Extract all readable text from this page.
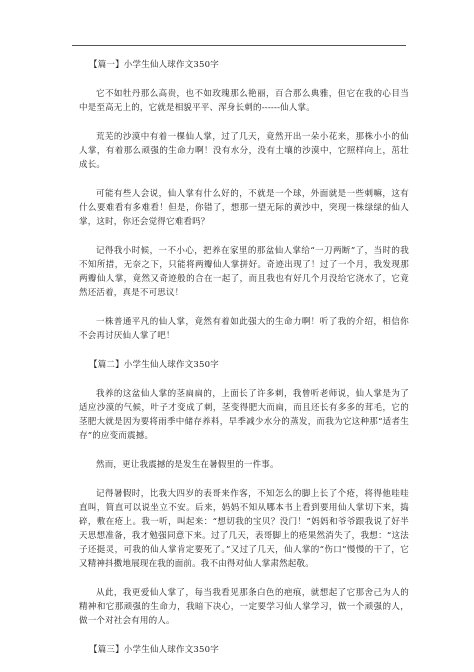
【篇一】小学生仙人球作文350字

它不如牡丹那么高贵，也不如玫瑰那么艳丽，百合那么典雅，但它在我的心目当中是至高无上的，它就是相貌平平、浑身长刺的------仙人掌。

荒芜的沙漠中有着一棵仙人掌，过了几天，竟然开出一朵小花来，那株小小的仙人掌，有着那么顽强的生命力啊！没有水分，没有土壤的沙漠中，它照样向上，茁壮成长。

可能有些人会说，仙人掌有什么好的，不就是一个球，外面就是一些刺嘛，这有什么要难看有多难看！但是，你错了，想那一望无际的黄沙中，突现一株绿绿的仙人掌，这时，你还会觉得它难看吗？

记得我小时候，一不小心，把养在家里的那盆仙人掌给“一刀两断”了，当时的我不知所措，无奈之下，只能将两瓣仙人掌拼好。奇迹出现了！过了一个月，我发现那两瓣仙人掌，竟然又奇迹般的合在一起了，而且我也有好几个月没给它浇水了，它竟然还活着，真是不可思议！

一株普通平凡的仙人掌，竟然有着如此强大的生命力啊！听了我的介绍，相信你不会再讨厌仙人掌了吧！

【篇二】小学生仙人球作文350字

我养的这盆仙人掌的茎扁扁的，上面长了许多刺，我曾听老师说，仙人掌是为了适应沙漠的气候，叶子才变成了刺，茎变得肥大而扁，而且还长有多多的茸毛，它的茎肥大就是因为要将雨季中储存养料，早季减少水分的蒸发，而我为它这种那“适者生存”的应变而震撼。

然而，更让我震撼的是发生在暑假里的一件事。

记得暑假时，比我大四岁的表哥来作客，不知怎么的脚上长了个疮，将得他哇哇直叫，简直可以说坐立不安。后来，妈妈不知从哪本书上看到要用仙人掌切下来，捣碎，敷在疮上。我一听，叫起来：“想切我的宝贝？没门！”妈妈和爷爷跟我说了好半天思想准备，我才勉强同意下来。过了几天，表哥脚上的疮果然消失了，我想：“这法子还挺灵，可我的仙人掌肯定要死了。”又过了几天，仙人掌的“伤口”慢慢的干了，它又精神抖擞地展现在我的面前。我不由得对仙人掌肃然起敬。

从此，我更爱仙人掌了，每当我看见那条白色的疤痕，就想起了它那舍己为人的精神和它那顽强的生命力，我暗下决心，一定要学习仙人掌学习，做一个顽强的人，做一个对社会有用的人。

【篇三】小学生仙人球作文350字
